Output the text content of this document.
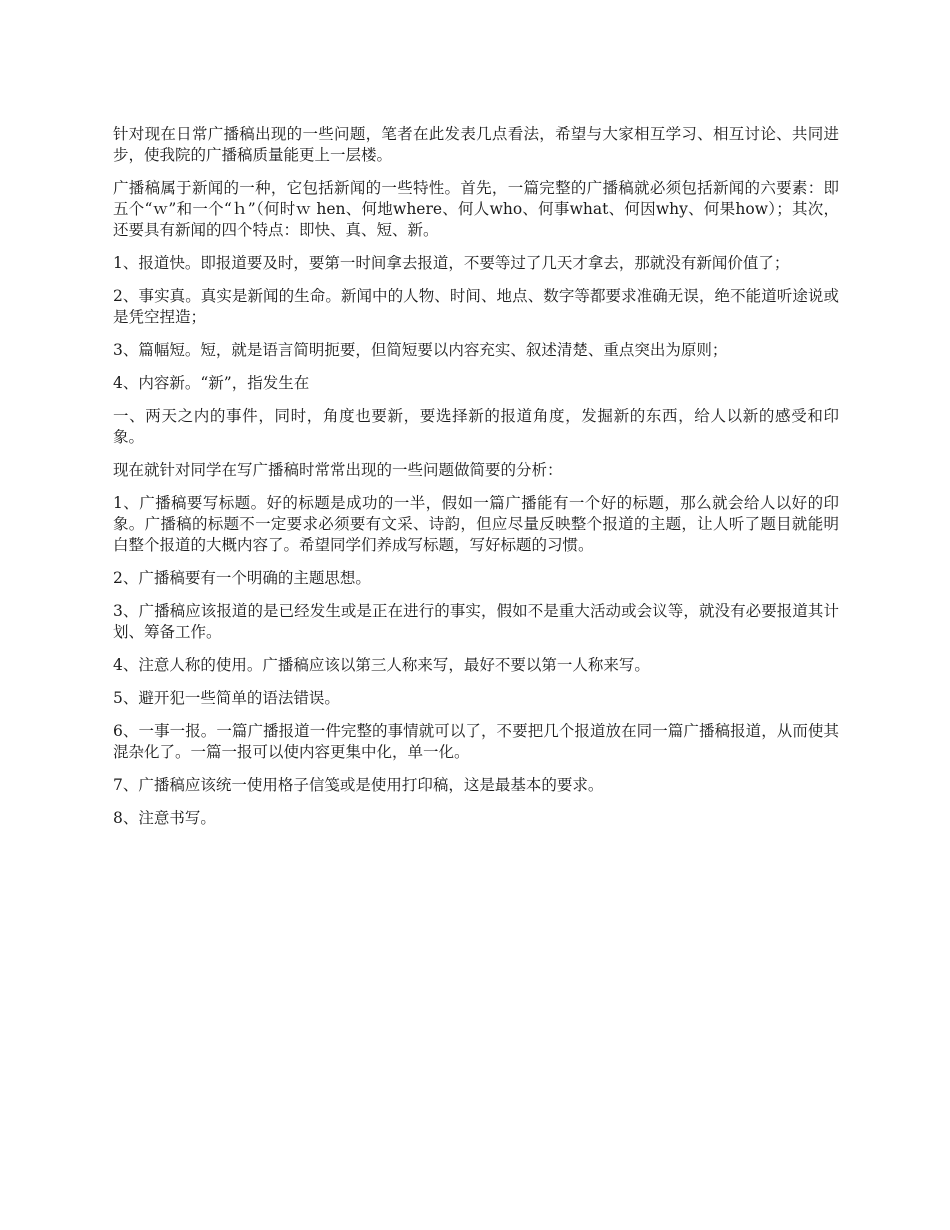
针对现在日常广播稿出现的一些问题，笔者在此发表几点看法，希望与大家相互学习、相互讨论、共同进步，使我院的广播稿质量能更上一层楼。

广播稿属于新闻的一种，它包括新闻的一些特性。首先，一篇完整的广播稿就必须包括新闻的六要素：即五个“ｗ”和一个“ｈ”（何时ｗ hen、何地where、何人who、何事what、何因why、何果how）；其次，还要具有新闻的四个特点：即快、真、短、新。

1、报道快。即报道要及时，要第一时间拿去报道，不要等过了几天才拿去，那就没有新闻价值了；

2、事实真。真实是新闻的生命。新闻中的人物、时间、地点、数字等都要求准确无误，绝不能道听途说或是凭空捏造；

3、篇幅短。短，就是语言简明扼要，但简短要以内容充实、叙述清楚、重点突出为原则；

4、内容新。“新”，指发生在

一、两天之内的事件，同时，角度也要新，要选择新的报道角度，发掘新的东西，给人以新的感受和印象。

现在就针对同学在写广播稿时常常出现的一些问题做简要的分析：

1、广播稿要写标题。好的标题是成功的一半，假如一篇广播能有一个好的标题，那么就会给人以好的印象。广播稿的标题不一定要求必须要有文采、诗韵，但应尽量反映整个报道的主题，让人听了题目就能明白整个报道的大概内容了。希望同学们养成写标题，写好标题的习惯。

2、广播稿要有一个明确的主题思想。

3、广播稿应该报道的是已经发生或是正在进行的事实，假如不是重大活动或会议等，就没有必要报道其计划、筹备工作。

4、注意人称的使用。广播稿应该以第三人称来写，最好不要以第一人称来写。

5、避开犯一些简单的语法错误。

6、一事一报。一篇广播报道一件完整的事情就可以了，不要把几个报道放在同一篇广播稿报道，从而使其混杂化了。一篇一报可以使内容更集中化，单一化。

7、广播稿应该统一使用格子信笺或是使用打印稿，这是最基本的要求。

8、注意书写。
